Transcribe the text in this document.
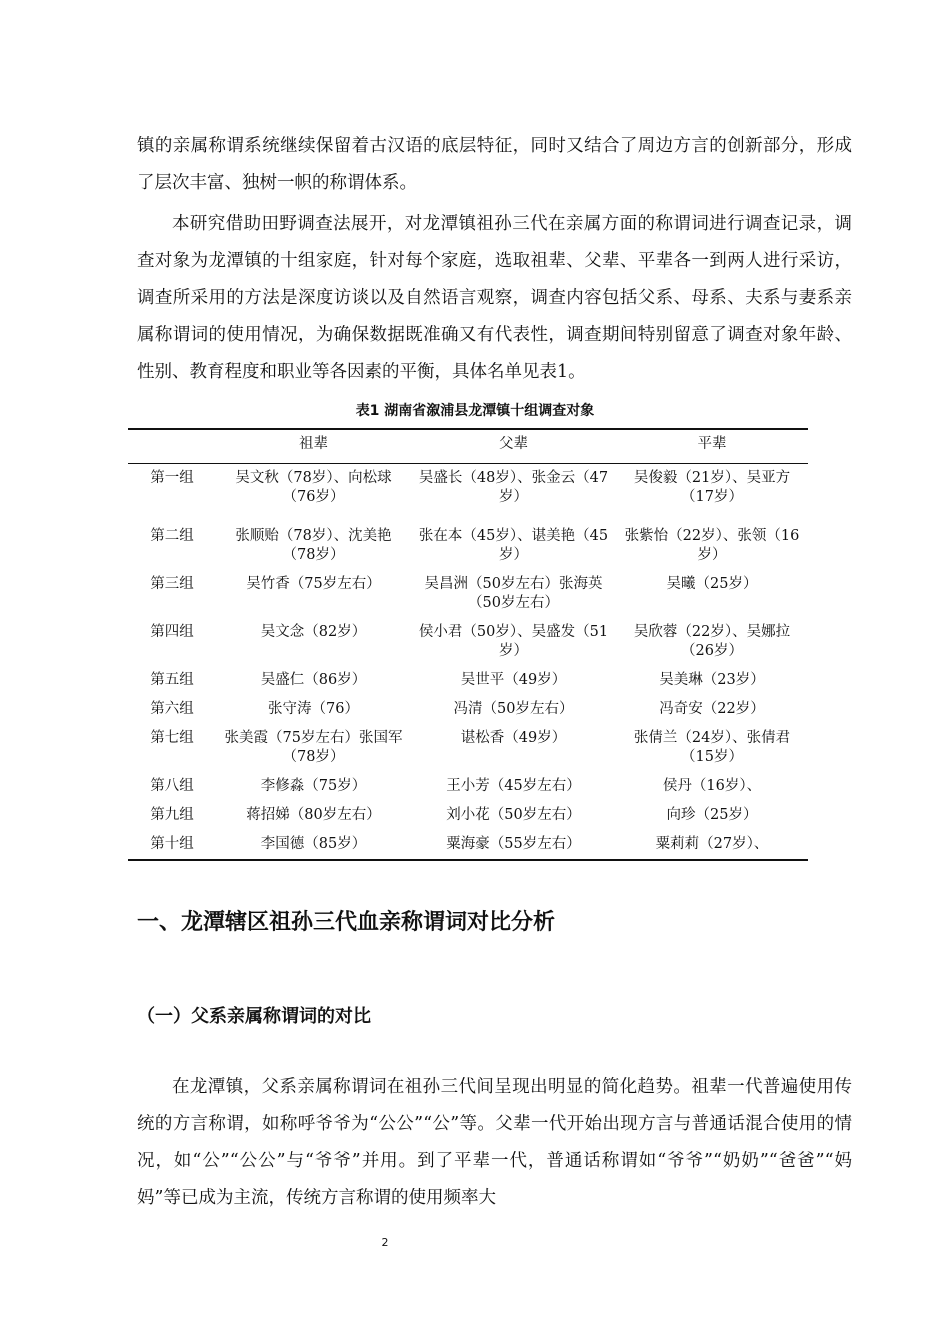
镇的亲属称谓系统继续保留着古汉语的底层特征，同时又结合了周边方言的创新部分，形成了层次丰富、独树一帜的称谓体系。

本研究借助田野调查法展开，对龙潭镇祖孙三代在亲属方面的称谓词进行调查记录，调查对象为龙潭镇的十组家庭，针对每个家庭，选取祖辈、父辈、平辈各一到两人进行采访，调查所采用的方法是深度访谈以及自然语言观察，调查内容包括父系、母系、夫系与妻系亲属称谓词的使用情况，为确保数据既准确又有代表性，调查期间特别留意了调查对象年龄、性别、教育程度和职业等各因素的平衡，具体名单见表1。

表1 湖南省溆浦县龙潭镇十组调查对象
	祖辈	父辈	平辈
第一组	吴文秋（78岁）、向松球（76岁）	吴盛长（48岁）、张金云（47岁）	吴俊毅（21岁）、吴亚方（17岁）
第二组	张顺贻（78岁）、沈美艳（78岁）	张在本（45岁）、谌美艳（45岁）	张紫怡（22岁）、张领（16岁）
第三组	吴竹香（75岁左右）	吴昌洲（50岁左右）张海英（50岁左右）	吴曦（25岁）
第四组	吴文念（82岁）	侯小君（50岁）、吴盛发（51岁）	吴欣蓉（22岁）、吴娜拉（26岁）
第五组	吴盛仁（86岁）	吴世平（49岁）	吴美琳（23岁）
第六组	张守涛（76）	冯清（50岁左右）	冯奇安（22岁）
第七组	张美霞（75岁左右）张国军（78岁）	谌松香（49岁）	张倩兰（24岁）、张倩君（15岁）
第八组	李修淼（75岁）	王小芳（45岁左右）	侯丹（16岁）、
第九组	蒋招娣（80岁左右）	刘小花（50岁左右）	向珍（25岁）
第十组	李国德（85岁）	粟海豪（55岁左右）	粟莉莉（27岁）、
一、龙潭辖区祖孙三代血亲称谓词对比分析
（一）父系亲属称谓词的对比

在龙潭镇，父系亲属称谓词在祖孙三代间呈现出明显的简化趋势。祖辈一代普遍使用传统的方言称谓，如称呼爷爷为“公公”“公”等。父辈一代开始出现方言与普通话混合使用的情况，如“公”“公公”与“爷爷”并用。到了平辈一代，普通话称谓如“爷爷”“奶奶”“爸爸”“妈妈”等已成为主流，传统方言称谓的使用频率大

2
